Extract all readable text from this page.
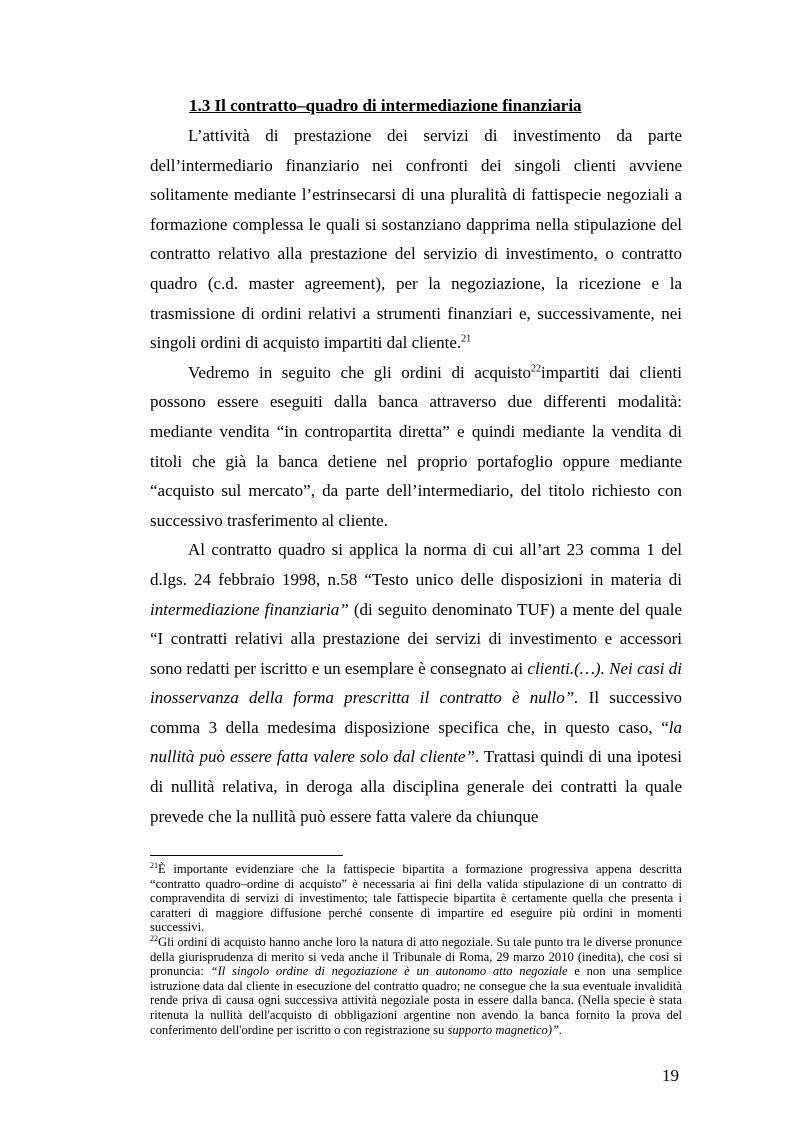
1.3 Il contratto–quadro di intermediazione finanziaria

L’attività di prestazione dei servizi di investimento da parte dell’intermediario finanziario nei confronti dei singoli clienti avviene solitamente mediante l’estrinsecarsi di una pluralità di fattispecie negoziali a formazione complessa le quali si sostanziano dapprima nella stipulazione del contratto relativo alla prestazione del servizio di investimento, o contratto quadro (c.d. master agreement), per la negoziazione, la ricezione e la trasmissione di ordini relativi a strumenti finanziari e, successivamente, nei singoli ordini di acquisto impartiti dal cliente.$^{21}$

Vedremo in seguito che gli ordini di acquisto$^{22}$impartiti dai clienti possono essere eseguiti dalla banca attraverso due differenti modalità: mediante vendita “in contropartita diretta” e quindi mediante la vendita di titoli che già la banca detiene nel proprio portafoglio oppure mediante “acquisto sul mercato”, da parte dell’intermediario, del titolo richiesto con successivo trasferimento al cliente.

Al contratto quadro si applica la norma di cui all’art 23 comma 1 del d.lgs. 24 febbraio 1998, n.58 “Testo unico delle disposizioni in materia di intermediazione finanziaria” (di seguito denominato TUF) a mente del quale “I contratti relativi alla prestazione dei servizi di investimento e accessori sono redatti per iscritto e un esemplare è consegnato ai clienti.(…). Nei casi di inosservanza della forma prescritta il contratto è nullo”. Il successivo comma 3 della medesima disposizione specifica che, in questo caso, “la nullità può essere fatta valere solo dal cliente”. Trattasi quindi di una ipotesi di nullità relativa, in deroga alla disciplina generale dei contratti la quale prevede che la nullità può essere fatta valere da chiunque

$^{21}$È importante evidenziare che la fattispecie bipartita a formazione progressiva appena descritta “contratto quadro–ordine di acquisto” è necessaria ai fini della valida stipulazione di un contratto di compravendita di servizi di investimento; tale fattispecie bipartita è certamente quella che presenta i caratteri di maggiore diffusione perché consente di impartire ed eseguire più ordini in momenti successivi.

$^{22}$Gli ordini di acquisto hanno anche loro la natura di atto negoziale. Su tale punto tra le diverse pronunce della giurisprudenza di merito si veda anche il Tribunale di Roma, 29 marzo 2010 (inedita), che così si pronuncia: “Il singolo ordine di negoziazione è un autonomo atto negoziale e non una semplice istruzione data dal cliente in esecuzione del contratto quadro; ne consegue che la sua eventuale invalidità rende priva di causa ogni successiva attività negoziale posta in essere dalla banca. (Nella specie è stata ritenuta la nullità dell'acquisto di obbligazioni argentine non avendo la banca fornito la prova del conferimento dell'ordine per iscritto o con registrazione su supporto magnetico)”.

19
